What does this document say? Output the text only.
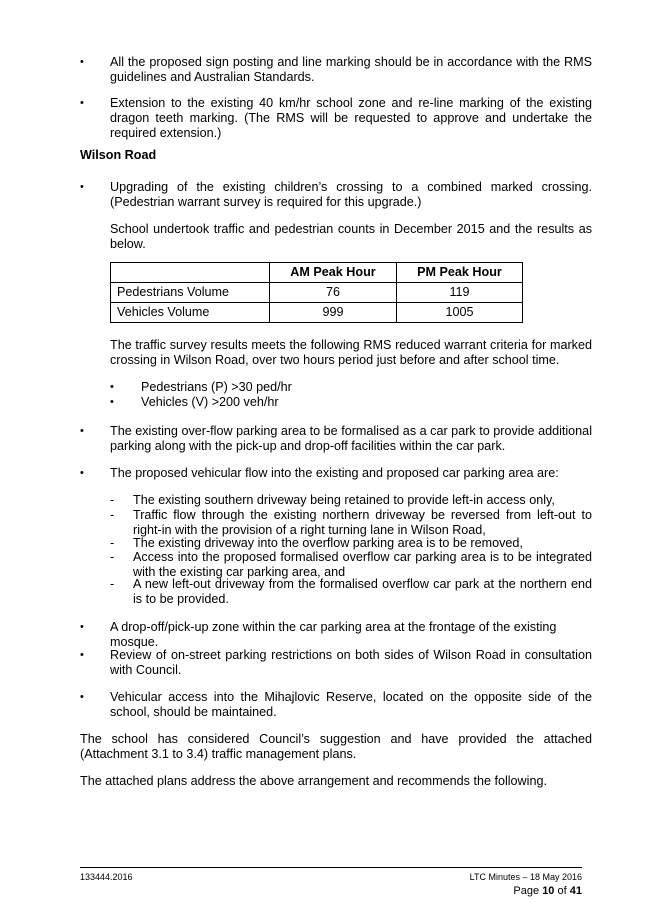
• All the proposed sign posting and line marking should be in accordance with the RMS guidelines and Australian Standards.
• Extension to the existing 40 km/hr school zone and re-line marking of the existing dragon teeth marking. (The RMS will be requested to approve and undertake the required extension.)
Wilson Road
• Upgrading of the existing children’s crossing to a combined marked crossing. (Pedestrian warrant survey is required for this upgrade.)
School undertook traffic and pedestrian counts in December 2015 and the results as below.
	AM Peak Hour	PM Peak Hour
Pedestrians Volume	76	119
Vehicles Volume	999	1005
The traffic survey results meets the following RMS reduced warrant criteria for marked crossing in Wilson Road, over two hours period just before and after school time.
• Pedestrians (P) >30 ped/hr
• Vehicles (V) >200 veh/hr
• The existing over-flow parking area to be formalised as a car park to provide additional parking along with the pick-up and drop-off facilities within the car park.
• The proposed vehicular flow into the existing and proposed car parking area are:
- The existing southern driveway being retained to provide left-in access only,
- Traffic flow through the existing northern driveway be reversed from left-out to right-in with the provision of a right turning lane in Wilson Road,
- The existing driveway into the overflow parking area is to be removed,
- Access into the proposed formalised overflow car parking area is to be integrated with the existing car parking area, and
- A new left-out driveway from the formalised overflow car park at the northern end is to be provided.
• A drop-off/pick-up zone within the car parking area at the frontage of the existing mosque.
• Review of on-street parking restrictions on both sides of Wilson Road in consultation with Council.
• Vehicular access into the Mihajlovic Reserve, located on the opposite side of the school, should be maintained.
The school has considered Council’s suggestion and have provided the attached (Attachment 3.1 to 3.4) traffic management plans.
The attached plans address the above arrangement and recommends the following.
133444.2016	LTC Minutes – 18 May 2016
Page 10 of 41
